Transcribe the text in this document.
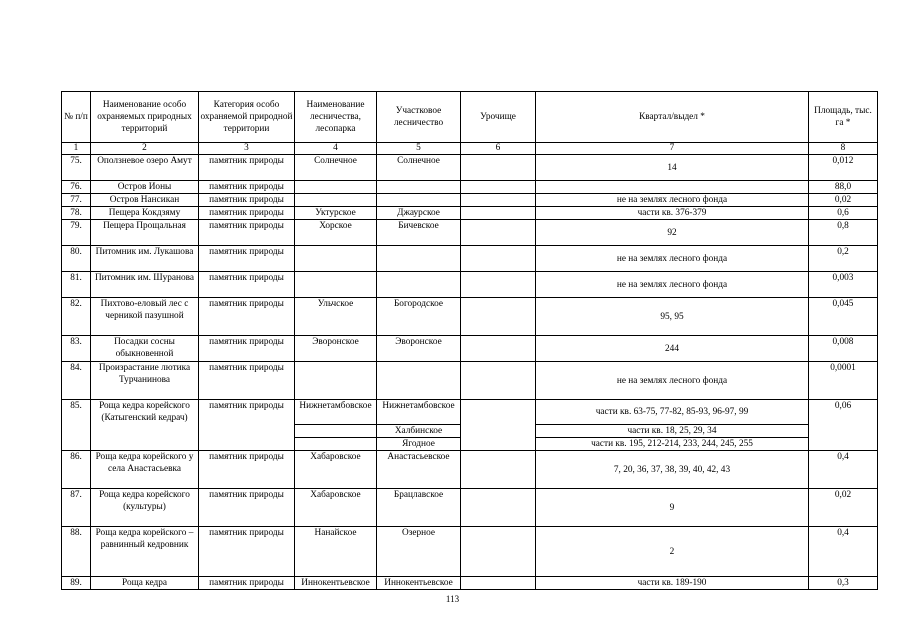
№ п/п	Наименование особо охраняемых природных территорий	Категория особо охраняемой природной территории	Наименование лесничества, лесопарка	Участковое лесничество	Урочище	Квартал/выдел *	Площадь, тыс. га *
1	2	3	4	5	6	7	8
75.	Оползневое озеро Амут	памятник природы	Солнечное	Солнечное		14	0,012
76.	Остров Ионы	памятник природы					88,0
77.	Остров Нансикан	памятник природы				не на землях лесного фонда	0,02
78.	Пещера Кокдзяму	памятник природы	Уктурское	Джаурское		части кв. 376-379	0,6
79.	Пещера Прощальная	памятник природы	Хорское	Бичевское		92	0,8
80.	Питомник им. Лукашова	памятник природы				не на землях лесного фонда	0,2
81.	Питомник им. Шуранова	памятник природы				не на землях лесного фонда	0,003
82.	Пихтово-еловый лес с черникой пазушной	памятник природы	Ульчское	Богородское		95, 95	0,045
83.	Посадки сосны обыкновенной	памятник природы	Эворонское	Эворонское		244	0,008
84.	Произрастание лютика Турчанинова	памятник природы				не на землях лесного фонда	0,0001
85.	Роща кедра корейского (Катыгенский кедрач)	памятник природы	Нижнетамбовское	Нижнетамбовское		части кв. 63-75, 77-82, 85-93, 96-97, 99	0,06
				Халбинское		части кв. 18, 25, 29, 34	
				Ягодное		части кв. 195, 212-214, 233, 244, 245, 255	
86.	Роща кедра корейского у села Анастасьевка	памятник природы	Хабаровское	Анастасьевское		7, 20, 36, 37, 38, 39, 40, 42, 43	0,4
87.	Роща кедра корейского (культуры)	памятник природы	Хабаровское	Брацлавское		9	0,02
88.	Роща кедра корейского – равнинный кедровник	памятник природы	Нанайское	Озерное		2	0,4
89.	Роща кедра	памятник природы	Иннокентьевское	Иннокентьевское		части кв. 189-190	0,3
113
